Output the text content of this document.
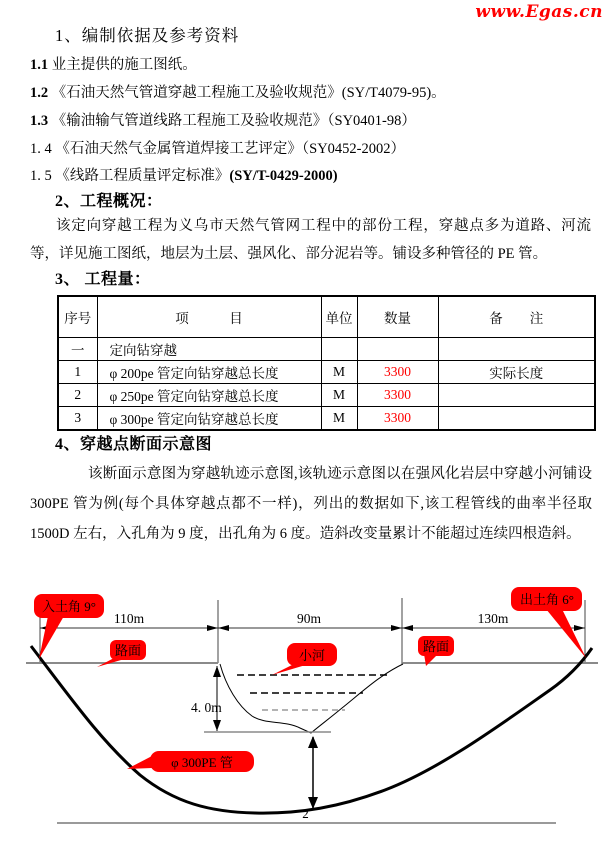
www.Egas.cn
1、编制依据及参考资料
1.1 业主提供的施工图纸。
1.2 《石油天然气管道穿越工程施工及验收规范》(SY/T4079-95)。
1.3 《输油输气管道线路工程施工及验收规范》（SY0401-98）
1. 4 《石油天然气金属管道焊接工艺评定》（SY0452-2002）
1. 5 《线路工程质量评定标准》(SY/T-0429-2000)
2、工程概况：
该定向穿越工程为义乌市天然气管网工程中的部份工程，穿越点多为道路、河流等，详见施工图纸，地层为土层、强风化、部分泥岩等。铺设多种管径的 PE 管。
3、 工程量：
序号	项　　　目	单位	数量	备　　注
一	定向钻穿越			
1	φ 200pe 管定向钻穿越总长度	M	3300	实际长度
2	φ 250pe 管定向钻穿越总长度	M	3300	
3	φ 300pe 管定向钻穿越总长度	M	3300	
4、穿越点断面示意图
该断面示意图为穿越轨迹示意图,该轨迹示意图以在强风化岩层中穿越小河铺设 300PE 管为例(每个具体穿越点都不一样)，列出的数据如下,该工程管线的曲率半径取 1500D 左右，入孔角为 9 度，出孔角为 6 度。造斜改变量累计不能超过连续四根造斜。
110m	90m	130m
4. 0m
入土角 9°	出土角 6°
路面	小河
路面
φ 300PE 管
2
